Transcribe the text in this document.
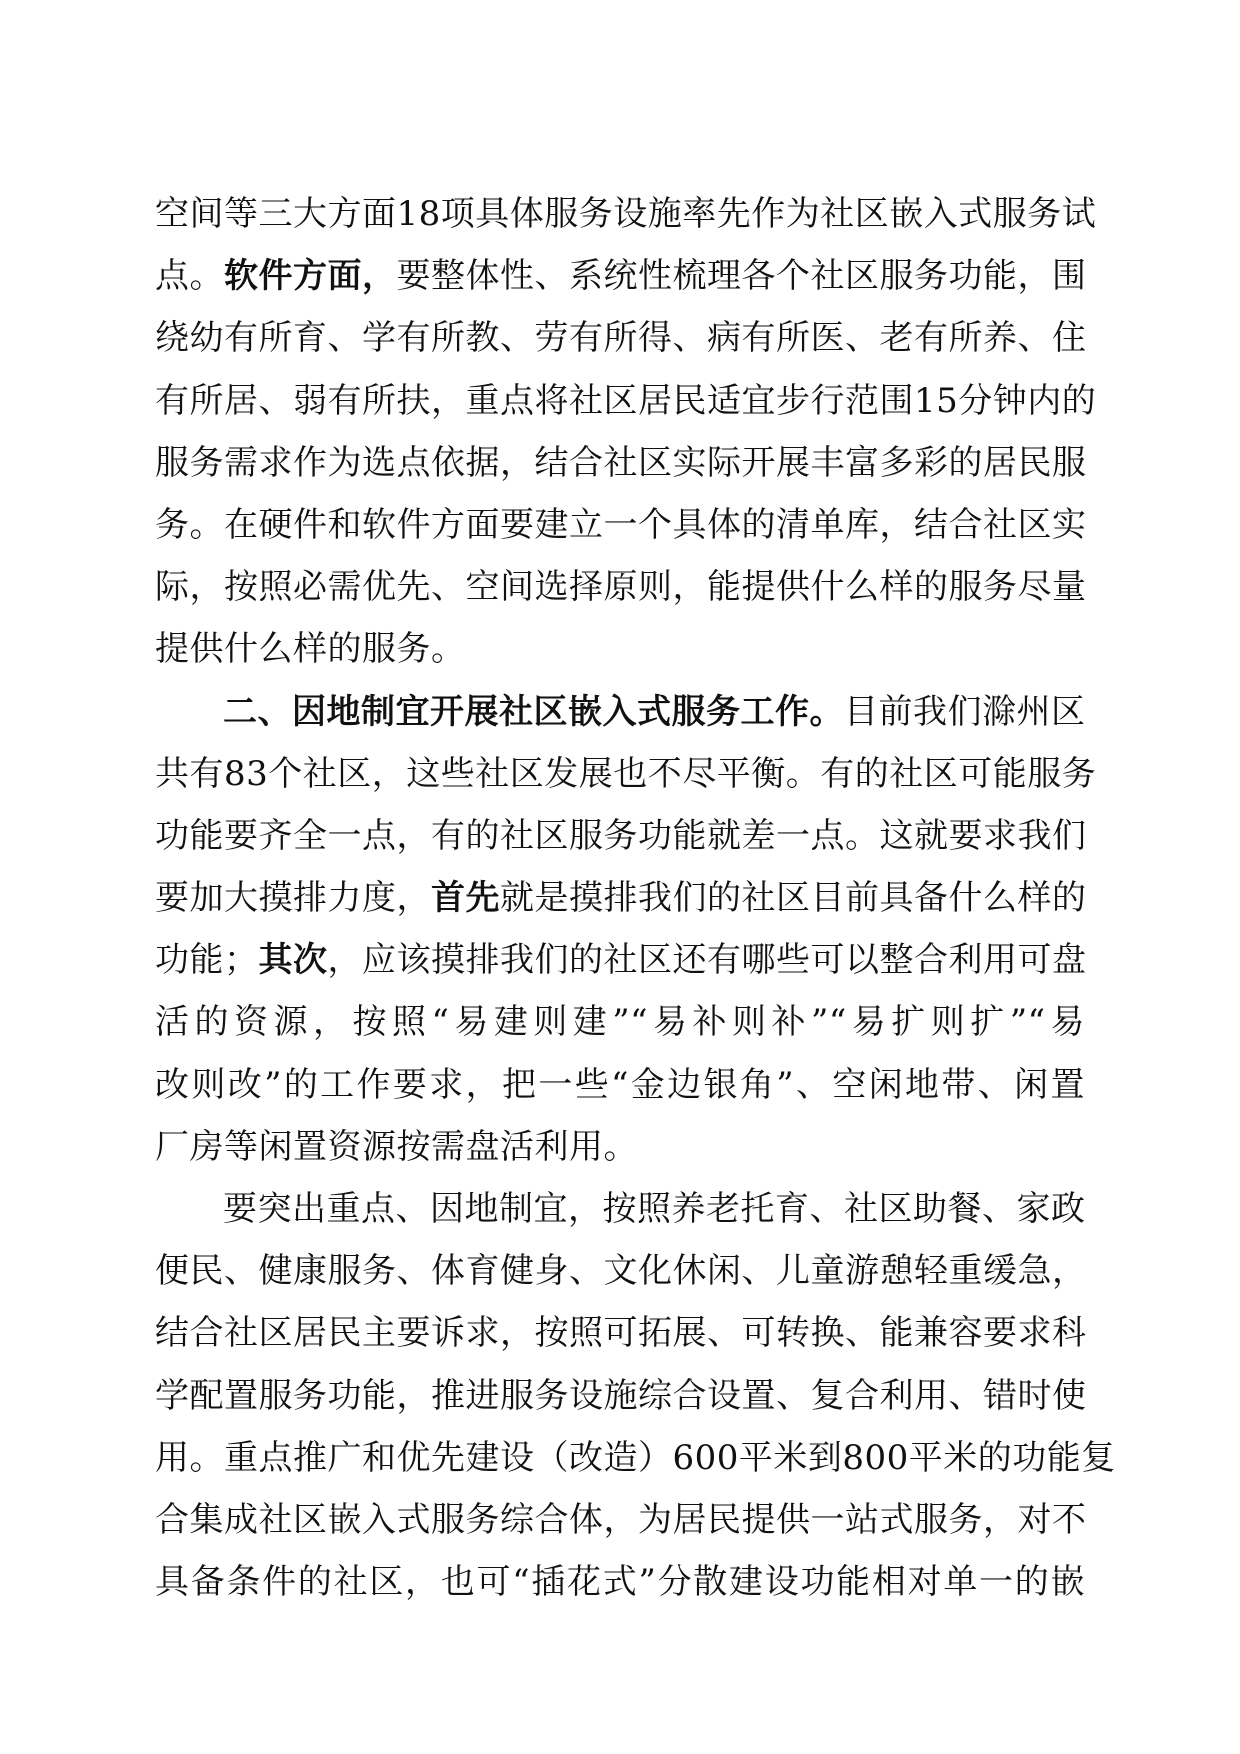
空间等三大方面18项具体服务设施率先作为社区嵌入式服务试
点。软件方面，要整体性、系统性梳理各个社区服务功能，围
绕幼有所育、学有所教、劳有所得、病有所医、老有所养、住
有所居、弱有所扶，重点将社区居民适宜步行范围15分钟内的
服务需求作为选点依据，结合社区实际开展丰富多彩的居民服
务。在硬件和软件方面要建立一个具体的清单库，结合社区实
际，按照必需优先、空间选择原则，能提供什么样的服务尽量
提供什么样的服务。
二、因地制宜开展社区嵌入式服务工作。目前我们滁州区
共有83个社区，这些社区发展也不尽平衡。有的社区可能服务
功能要齐全一点，有的社区服务功能就差一点。这就要求我们
要加大摸排力度，首先就是摸排我们的社区目前具备什么样的
功能；其次，应该摸排我们的社区还有哪些可以整合利用可盘
活的资源，按照“易建则建”“易补则补”“易扩则扩”“易
改则改”的工作要求，把一些“金边银角”、空闲地带、闲置
厂房等闲置资源按需盘活利用。
要突出重点、因地制宜，按照养老托育、社区助餐、家政
便民、健康服务、体育健身、文化休闲、儿童游憩轻重缓急，
结合社区居民主要诉求，按照可拓展、可转换、能兼容要求科
学配置服务功能，推进服务设施综合设置、复合利用、错时使
用。重点推广和优先建设（改造）600平米到800平米的功能复
合集成社区嵌入式服务综合体，为居民提供一站式服务，对不
具备条件的社区，也可“插花式”分散建设功能相对单一的嵌
